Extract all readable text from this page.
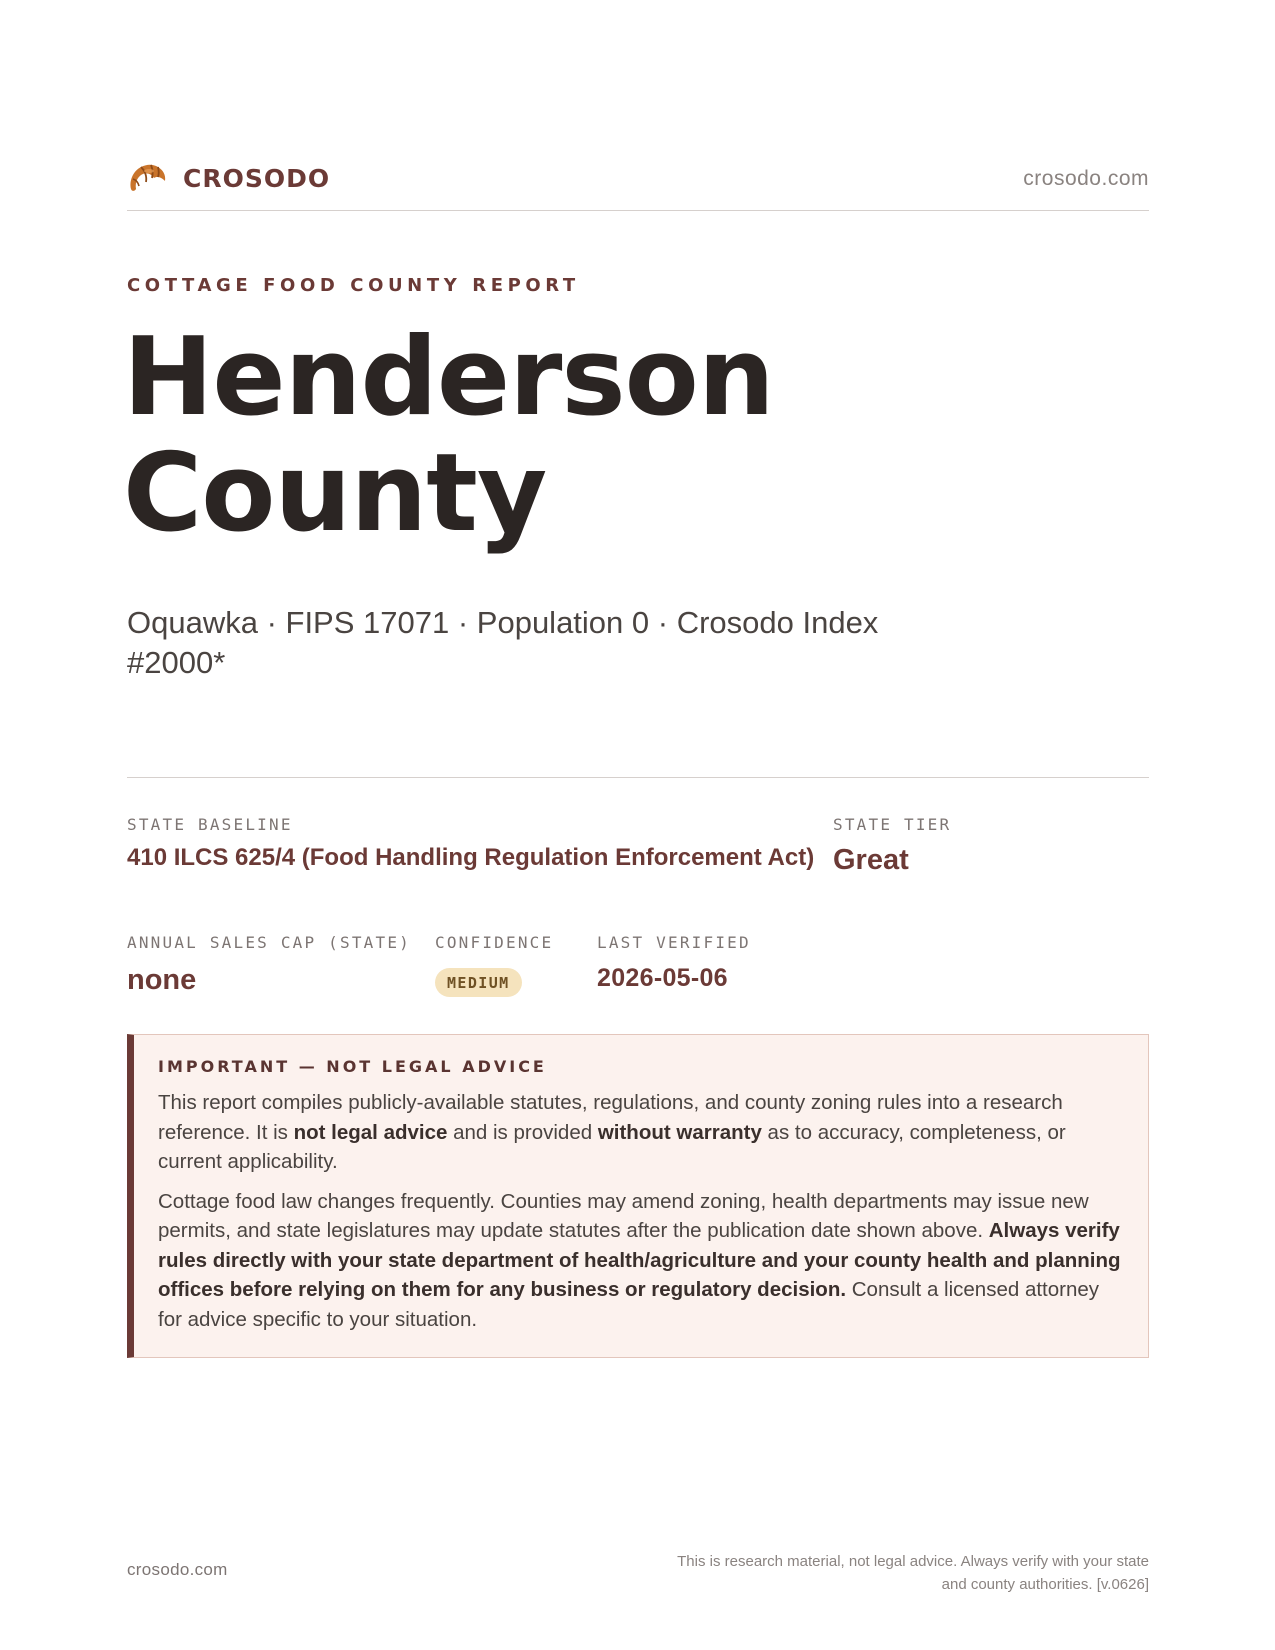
CROSODO	crosodo.com
COTTAGE FOOD COUNTY REPORT
Henderson
County
Oquawka · FIPS 17071 · Population 0 · Crosodo Index #2000*
STATE BASELINE
410 ILCS 625/4 (Food Handling Regulation Enforcement Act)
STATE TIER
Great
ANNUAL SALES CAP (STATE)
none
CONFIDENCE
MEDIUM
LAST VERIFIED
2026-05-06
IMPORTANT — NOT LEGAL ADVICE

This report compiles publicly-available statutes, regulations, and county zoning rules into a research reference. It is not legal advice and is provided without warranty as to accuracy, completeness, or current applicability.

Cottage food law changes frequently. Counties may amend zoning, health departments may issue new permits, and state legislatures may update statutes after the publication date shown above. Always verify rules directly with your state department of health/agriculture and your county health and planning offices before relying on them for any business or regulatory decision. Consult a licensed attorney for advice specific to your situation.

crosodo.com	This is research material, not legal advice. Always verify with your state
and county authorities. [v.0626]
